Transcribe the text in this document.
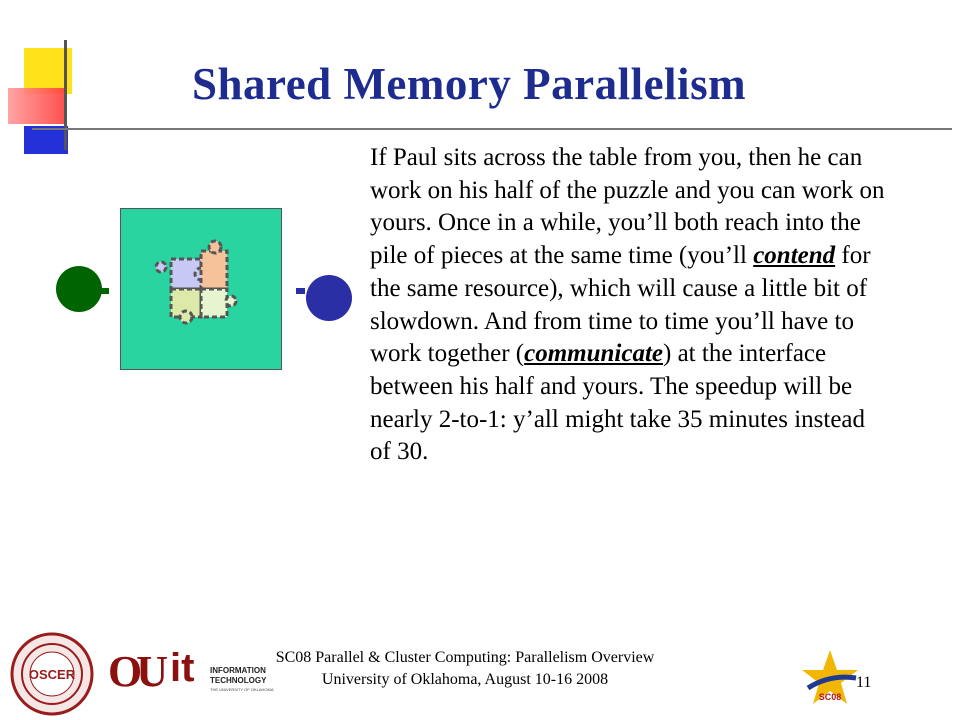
Shared Memory Parallelism

If Paul sits across the table from you, then he can work on his half of the puzzle and you can work on yours. Once in a while, you’ll both reach into the pile of pieces at the same time (you’ll contend for the same resource), which will cause a little bit of slowdown. And from time to time you’ll have to work together (communicate) at the interface between his half and yours. The speedup will be nearly 2-to-1: y’all might take 35 minutes instead of 30.

OSCER OU it INFORMATION
TECHNOLOGY
THE UNIVERSITY OF OKLAHOMA
SC08 Parallel & Cluster Computing: Parallelism Overview
University of Oklahoma, August 10-16 2008
SC08
11
